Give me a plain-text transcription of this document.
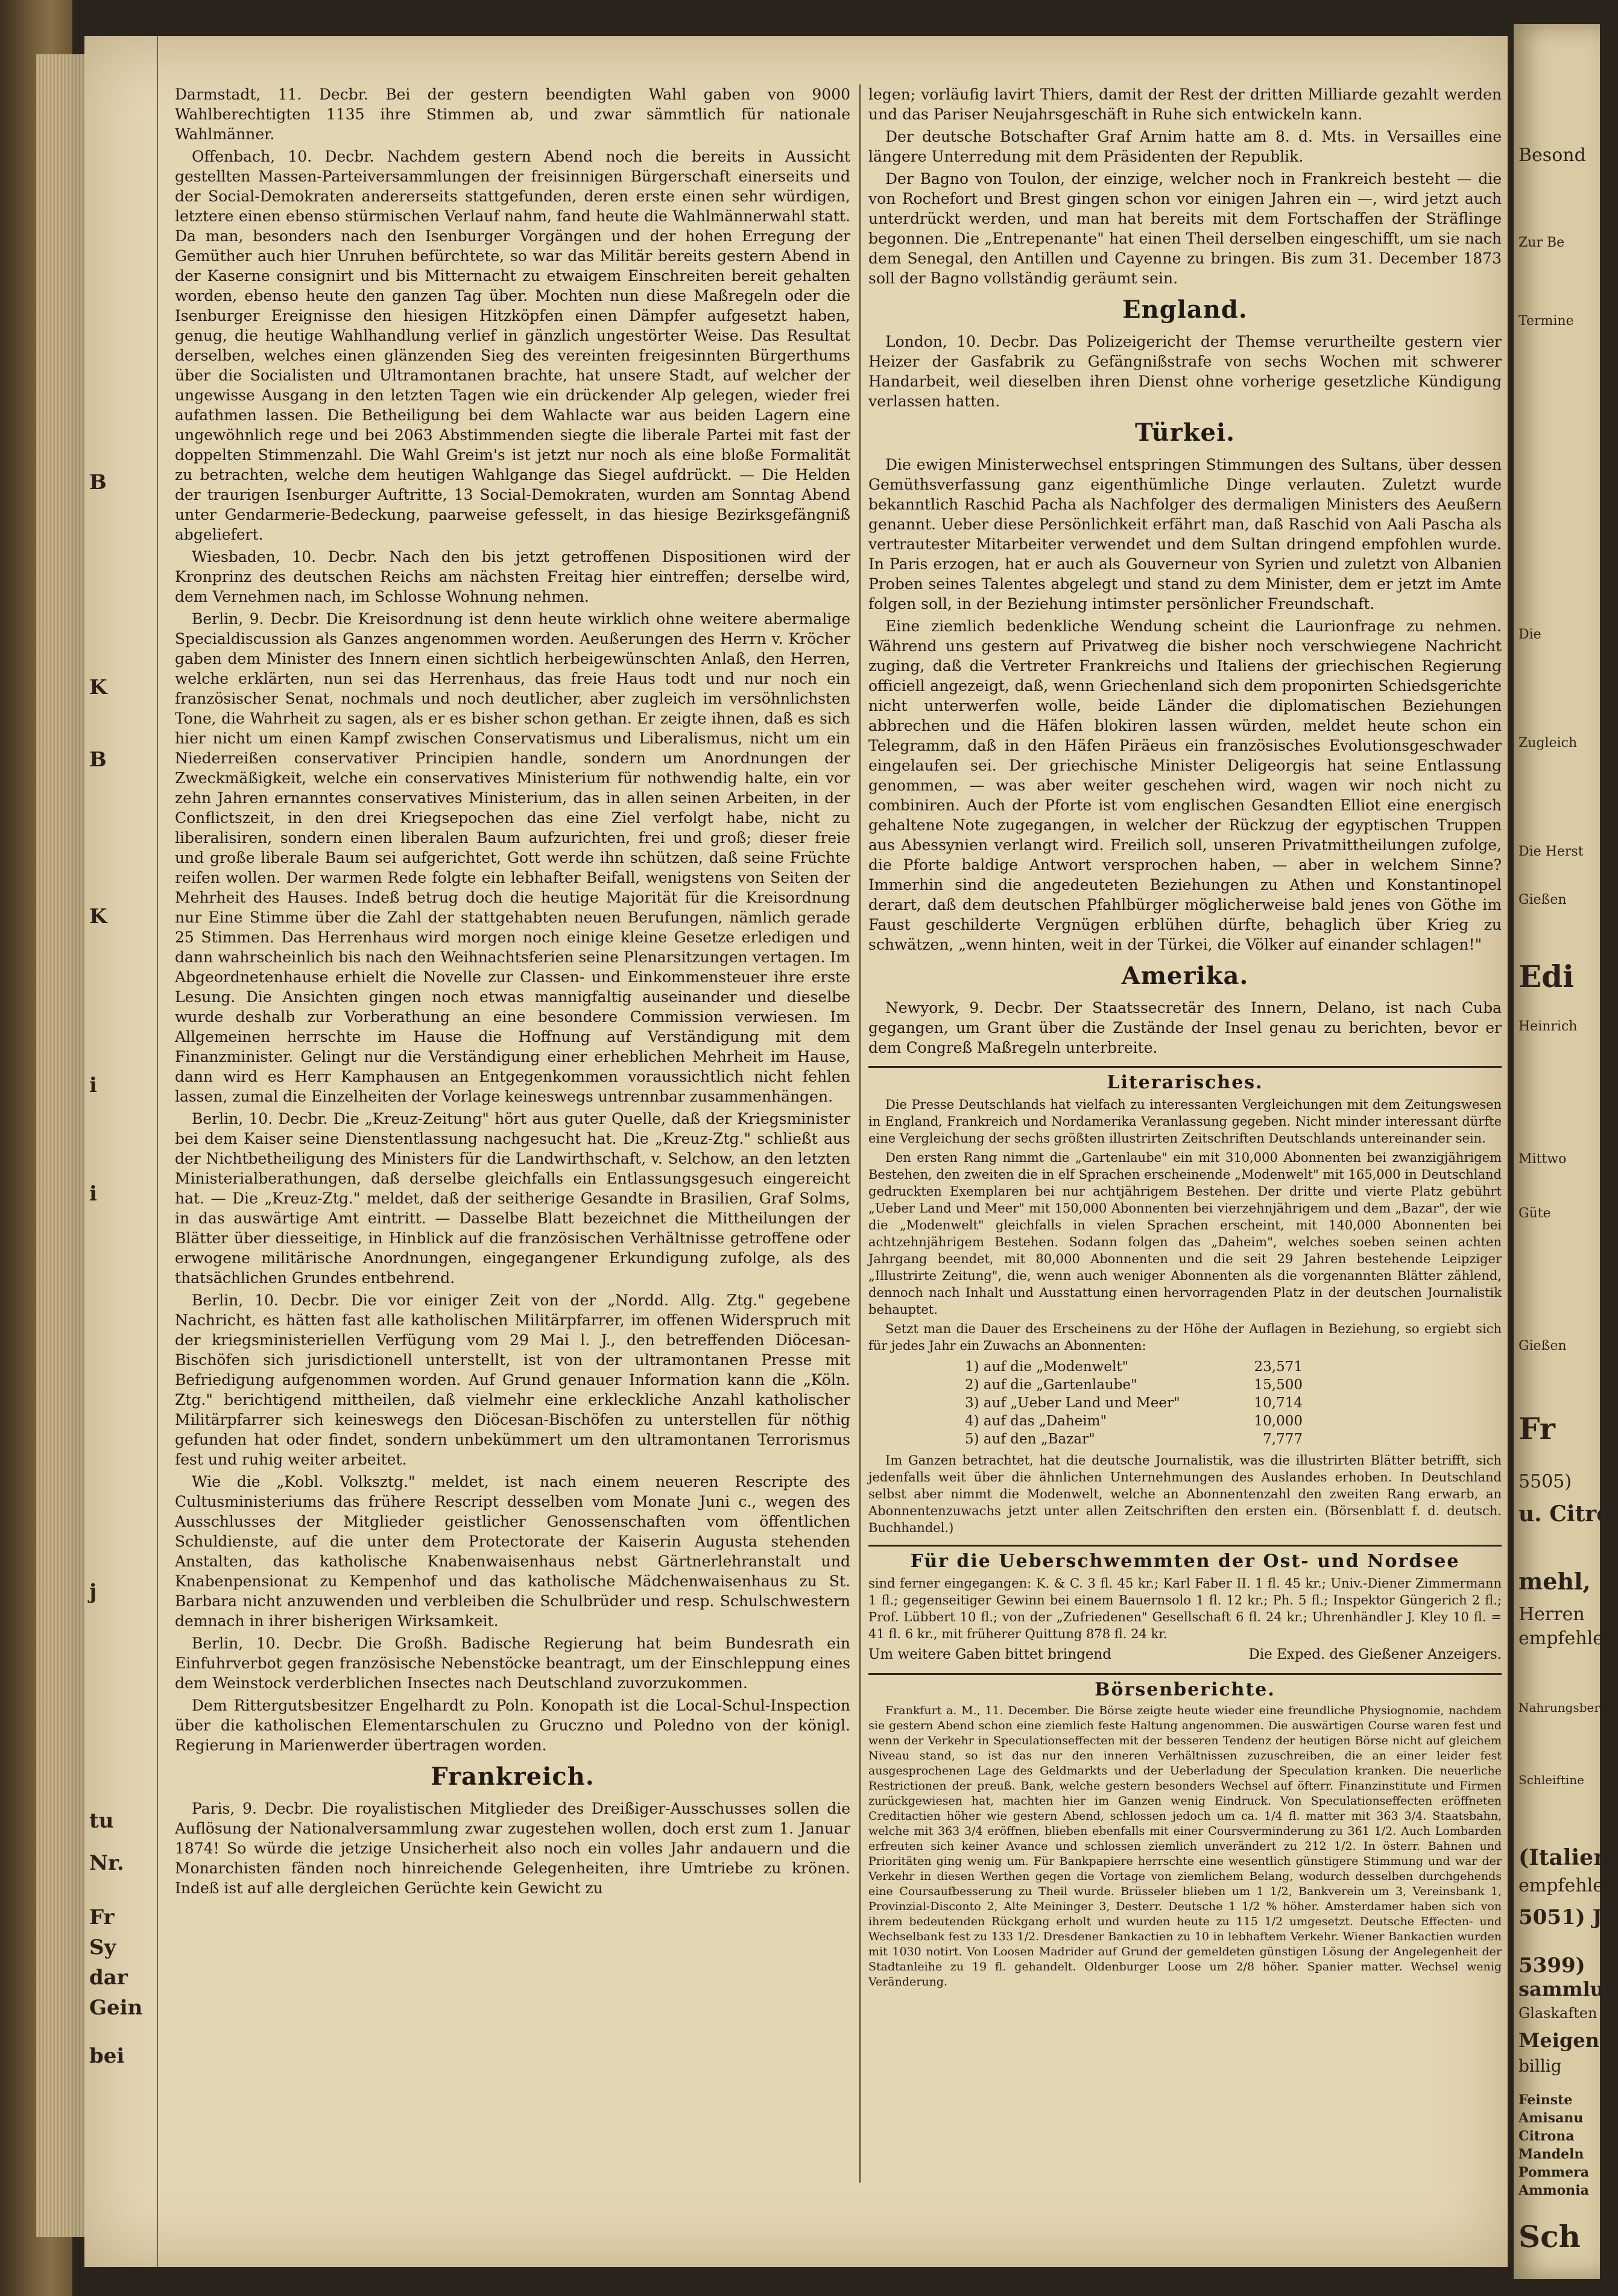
B
K
B
K
i
i
j
tu
Nr.
Fr
Sy
dar
Gein
bei

Darmstadt, 11. Decbr. Bei der gestern beendigten Wahl gaben von 9000 Wahlberechtigten 1135 ihre Stimmen ab, und zwar sämmtlich für nationale Wahlmänner.

Offenbach, 10. Decbr. Nachdem gestern Abend noch die bereits in Aussicht gestellten Massen-Parteiversammlungen der freisinnigen Bürgerschaft einerseits und der Social-Demokraten andererseits stattgefunden, deren erste einen sehr würdigen, letztere einen ebenso stürmischen Verlauf nahm, fand heute die Wahlmännerwahl statt. Da man, besonders nach den Isenburger Vorgängen und der hohen Erregung der Gemüther auch hier Unruhen befürchtete, so war das Militär bereits gestern Abend in der Kaserne consignirt und bis Mitternacht zu etwaigem Einschreiten bereit gehalten worden, ebenso heute den ganzen Tag über. Mochten nun diese Maßregeln oder die Isenburger Ereignisse den hiesigen Hitzköpfen einen Dämpfer aufgesetzt haben, genug, die heutige Wahlhandlung verlief in gänzlich ungestörter Weise. Das Resultat derselben, welches einen glänzenden Sieg des vereinten freigesinnten Bürgerthums über die Socialisten und Ultramontanen brachte, hat unsere Stadt, auf welcher der ungewisse Ausgang in den letzten Tagen wie ein drückender Alp gelegen, wieder frei aufathmen lassen. Die Betheiligung bei dem Wahlacte war aus beiden Lagern eine ungewöhnlich rege und bei 2063 Abstimmenden siegte die liberale Partei mit fast der doppelten Stimmenzahl. Die Wahl Greim's ist jetzt nur noch als eine bloße Formalität zu betrachten, welche dem heutigen Wahlgange das Siegel aufdrückt. — Die Helden der traurigen Isenburger Auftritte, 13 Social-Demokraten, wurden am Sonntag Abend unter Gendarmerie-Bedeckung, paarweise gefesselt, in das hiesige Bezirksgefängniß abgeliefert.

Wiesbaden, 10. Decbr. Nach den bis jetzt getroffenen Dispositionen wird der Kronprinz des deutschen Reichs am nächsten Freitag hier eintreffen; derselbe wird, dem Vernehmen nach, im Schlosse Wohnung nehmen.

Berlin, 9. Decbr. Die Kreisordnung ist denn heute wirklich ohne weitere abermalige Specialdiscussion als Ganzes angenommen worden. Aeußerungen des Herrn v. Kröcher gaben dem Minister des Innern einen sichtlich herbeigewünschten Anlaß, den Herren, welche erklärten, nun sei das Herrenhaus, das freie Haus todt und nur noch ein französischer Senat, nochmals und noch deutlicher, aber zugleich im versöhnlichsten Tone, die Wahrheit zu sagen, als er es bisher schon gethan. Er zeigte ihnen, daß es sich hier nicht um einen Kampf zwischen Conservatismus und Liberalismus, nicht um ein Niederreißen conservativer Principien handle, sondern um Anordnungen der Zweckmäßigkeit, welche ein conservatives Ministerium für nothwendig halte, ein vor zehn Jahren ernanntes conservatives Ministerium, das in allen seinen Arbeiten, in der Conflictszeit, in den drei Kriegsepochen das eine Ziel verfolgt habe, nicht zu liberalisiren, sondern einen liberalen Baum aufzurichten, frei und groß; dieser freie und große liberale Baum sei aufgerichtet, Gott werde ihn schützen, daß seine Früchte reifen wollen. Der warmen Rede folgte ein lebhafter Beifall, wenigstens von Seiten der Mehrheit des Hauses. Indeß betrug doch die heutige Majorität für die Kreisordnung nur Eine Stimme über die Zahl der stattgehabten neuen Berufungen, nämlich gerade 25 Stimmen. Das Herrenhaus wird morgen noch einige kleine Gesetze erledigen und dann wahrscheinlich bis nach den Weihnachtsferien seine Plenarsitzungen vertagen. Im Abgeordnetenhause erhielt die Novelle zur Classen- und Einkommensteuer ihre erste Lesung. Die Ansichten gingen noch etwas mannigfaltig auseinander und dieselbe wurde deshalb zur Vorberathung an eine besondere Commission verwiesen. Im Allgemeinen herrschte im Hause die Hoffnung auf Verständigung mit dem Finanzminister. Gelingt nur die Verständigung einer erheblichen Mehrheit im Hause, dann wird es Herr Kamphausen an Entgegenkommen voraussichtlich nicht fehlen lassen, zumal die Einzelheiten der Vorlage keineswegs untrennbar zusammenhängen.

Berlin, 10. Decbr. Die „Kreuz-Zeitung" hört aus guter Quelle, daß der Kriegsminister bei dem Kaiser seine Dienstentlassung nachgesucht hat. Die „Kreuz-Ztg." schließt aus der Nichtbetheiligung des Ministers für die Landwirthschaft, v. Selchow, an den letzten Ministerialberathungen, daß derselbe gleichfalls ein Entlassungsgesuch eingereicht hat. — Die „Kreuz-Ztg." meldet, daß der seitherige Gesandte in Brasilien, Graf Solms, in das auswärtige Amt eintritt. — Dasselbe Blatt bezeichnet die Mittheilungen der Blätter über diesseitige, in Hinblick auf die französischen Verhältnisse getroffene oder erwogene militärische Anordnungen, eingegangener Erkundigung zufolge, als des thatsächlichen Grundes entbehrend.

Berlin, 10. Decbr. Die vor einiger Zeit von der „Nordd. Allg. Ztg." gegebene Nachricht, es hätten fast alle katholischen Militärpfarrer, im offenen Widerspruch mit der kriegsministeriellen Verfügung vom 29 Mai l. J., den betreffenden Diöcesan-Bischöfen sich jurisdictionell unterstellt, ist von der ultramontanen Presse mit Befriedigung aufgenommen worden. Auf Grund genauer Information kann die „Köln. Ztg." berichtigend mittheilen, daß vielmehr eine erkleckliche Anzahl katholischer Militärpfarrer sich keineswegs den Diöcesan-Bischöfen zu unterstellen für nöthig gefunden hat oder findet, sondern unbekümmert um den ultramontanen Terrorismus fest und ruhig weiter arbeitet.

Wie die „Kobl. Volksztg." meldet, ist nach einem neueren Rescripte des Cultusministeriums das frühere Rescript desselben vom Monate Juni c., wegen des Ausschlusses der Mitglieder geistlicher Genossenschaften vom öffentlichen Schuldienste, auf die unter dem Protectorate der Kaiserin Augusta stehenden Anstalten, das katholische Knabenwaisenhaus nebst Gärtnerlehranstalt und Knabenpensionat zu Kempenhof und das katholische Mädchenwaisenhaus zu St. Barbara nicht anzuwenden und verbleiben die Schulbrüder und resp. Schulschwestern demnach in ihrer bisherigen Wirksamkeit.

Berlin, 10. Decbr. Die Großh. Badische Regierung hat beim Bundesrath ein Einfuhrverbot gegen französische Nebenstöcke beantragt, um der Einschleppung eines dem Weinstock verderblichen Insectes nach Deutschland zuvorzukommen.

Dem Rittergutsbesitzer Engelhardt zu Poln. Konopath ist die Local-Schul-Inspection über die katholischen Elementarschulen zu Gruczno und Poledno von der königl. Regierung in Marienwerder übertragen worden.

Frankreich.

Paris, 9. Decbr. Die royalistischen Mitglieder des Dreißiger-Ausschusses sollen die Auflösung der Nationalversammlung zwar zugestehen wollen, doch erst zum 1. Januar 1874! So würde die jetzige Unsicherheit also noch ein volles Jahr andauern und die Monarchisten fänden noch hinreichende Gelegenheiten, ihre Umtriebe zu krönen. Indeß ist auf alle dergleichen Gerüchte kein Gewicht zu

legen; vorläufig lavirt Thiers, damit der Rest der dritten Milliarde gezahlt werden und das Pariser Neujahrsgeschäft in Ruhe sich entwickeln kann.

Der deutsche Botschafter Graf Arnim hatte am 8. d. Mts. in Versailles eine längere Unterredung mit dem Präsidenten der Republik.

Der Bagno von Toulon, der einzige, welcher noch in Frankreich besteht — die von Rochefort und Brest gingen schon vor einigen Jahren ein —, wird jetzt auch unterdrückt werden, und man hat bereits mit dem Fortschaffen der Sträflinge begonnen. Die „Entrepenante" hat einen Theil derselben eingeschifft, um sie nach dem Senegal, den Antillen und Cayenne zu bringen. Bis zum 31. December 1873 soll der Bagno vollständig geräumt sein.

England.

London, 10. Decbr. Das Polizeigericht der Themse verurtheilte gestern vier Heizer der Gasfabrik zu Gefängnißstrafe von sechs Wochen mit schwerer Handarbeit, weil dieselben ihren Dienst ohne vorherige gesetzliche Kündigung verlassen hatten.

Türkei.

Die ewigen Ministerwechsel entspringen Stimmungen des Sultans, über dessen Gemüthsverfassung ganz eigenthümliche Dinge verlauten. Zuletzt wurde bekanntlich Raschid Pacha als Nachfolger des dermaligen Ministers des Aeußern genannt. Ueber diese Persönlichkeit erfährt man, daß Raschid von Aali Pascha als vertrautester Mitarbeiter verwendet und dem Sultan dringend empfohlen wurde. In Paris erzogen, hat er auch als Gouverneur von Syrien und zuletzt von Albanien Proben seines Talentes abgelegt und stand zu dem Minister, dem er jetzt im Amte folgen soll, in der Beziehung intimster persönlicher Freundschaft.

Eine ziemlich bedenkliche Wendung scheint die Laurionfrage zu nehmen. Während uns gestern auf Privatweg die bisher noch verschwiegene Nachricht zuging, daß die Vertreter Frankreichs und Italiens der griechischen Regierung officiell angezeigt, daß, wenn Griechenland sich dem proponirten Schiedsgerichte nicht unterwerfen wolle, beide Länder die diplomatischen Beziehungen abbrechen und die Häfen blokiren lassen würden, meldet heute schon ein Telegramm, daß in den Häfen Piräeus ein französisches Evolutionsgeschwader eingelaufen sei. Der griechische Minister Deligeorgis hat seine Entlassung genommen, — was aber weiter geschehen wird, wagen wir noch nicht zu combiniren. Auch der Pforte ist vom englischen Gesandten Elliot eine energisch gehaltene Note zugegangen, in welcher der Rückzug der egyptischen Truppen aus Abessynien verlangt wird. Freilich soll, unseren Privatmittheilungen zufolge, die Pforte baldige Antwort versprochen haben, — aber in welchem Sinne? Immerhin sind die angedeuteten Beziehungen zu Athen und Konstantinopel derart, daß dem deutschen Pfahlbürger möglicherweise bald jenes von Göthe im Faust geschilderte Vergnügen erblühen dürfte, behaglich über Krieg zu schwätzen, „wenn hinten, weit in der Türkei, die Völker auf einander schlagen!"

Amerika.

Newyork, 9. Decbr. Der Staatssecretär des Innern, Delano, ist nach Cuba gegangen, um Grant über die Zustände der Insel genau zu berichten, bevor er dem Congreß Maßregeln unterbreite.

Literarisches.

Die Presse Deutschlands hat vielfach zu interessanten Vergleichungen mit dem Zeitungswesen in England, Frankreich und Nordamerika Veranlassung gegeben. Nicht minder interessant dürfte eine Vergleichung der sechs größten illustrirten Zeitschriften Deutschlands untereinander sein.

Den ersten Rang nimmt die „Gartenlaube" ein mit 310,000 Abonnenten bei zwanzigjährigem Bestehen, den zweiten die in elf Sprachen erscheinende „Modenwelt" mit 165,000 in Deutschland gedruckten Exemplaren bei nur achtjährigem Bestehen. Der dritte und vierte Platz gebührt „Ueber Land und Meer" mit 150,000 Abonnenten bei vierzehnjährigem und dem „Bazar", der wie die „Modenwelt" gleichfalls in vielen Sprachen erscheint, mit 140,000 Abonnenten bei achtzehnjährigem Bestehen. Sodann folgen das „Daheim", welches soeben seinen achten Jahrgang beendet, mit 80,000 Abonnenten und die seit 29 Jahren bestehende Leipziger „Illustrirte Zeitung", die, wenn auch weniger Abonnenten als die vorgenannten Blätter zählend, dennoch nach Inhalt und Ausstattung einen hervorragenden Platz in der deutschen Journalistik behauptet.

Setzt man die Dauer des Erscheinens zu der Höhe der Auflagen in Beziehung, so ergiebt sich für jedes Jahr ein Zuwachs an Abonnenten:

1) auf die „Modenwelt"	23,571
2) auf die „Gartenlaube"	15,500
3) auf „Ueber Land und Meer"	10,714
4) auf das „Daheim"	10,000
5) auf den „Bazar"	7,777

Im Ganzen betrachtet, hat die deutsche Journalistik, was die illustrirten Blätter betrifft, sich jedenfalls weit über die ähnlichen Unternehmungen des Auslandes erhoben. In Deutschland selbst aber nimmt die Modenwelt, welche an Abonnentenzahl den zweiten Rang erwarb, an Abonnentenzuwachs jetzt unter allen Zeitschriften den ersten ein. (Börsenblatt f. d. deutsch. Buchhandel.)

Für die Ueberschwemmten der Ost- und Nordsee

sind ferner eingegangen: K. & C. 3 fl. 45 kr.; Karl Faber II. 1 fl. 45 kr.; Univ.-Diener Zimmermann 1 fl.; gegenseitiger Gewinn bei einem Bauernsolo 1 fl. 12 kr.; Ph. 5 fl.; Inspektor Güngerich 2 fl.; Prof. Lübbert 10 fl.; von der „Zufriedenen" Gesellschaft 6 fl. 24 kr.; Uhrenhändler J. Kley 10 fl. = 41 fl. 6 kr., mit früherer Quittung 878 fl. 24 kr.

Um weitere Gaben bittet bringend	Die Exped. des Gießener Anzeigers.
Börsenberichte.

Frankfurt a. M., 11. December. Die Börse zeigte heute wieder eine freundliche Physiognomie, nachdem sie gestern Abend schon eine ziemlich feste Haltung angenommen. Die auswärtigen Course waren fest und wenn der Verkehr in Speculationseffecten mit der besseren Tendenz der heutigen Börse nicht auf gleichem Niveau stand, so ist das nur den inneren Verhältnissen zuzuschreiben, die an einer leider fest ausgesprochenen Lage des Geldmarkts und der Ueberladung der Speculation kranken. Die neuerliche Restrictionen der preuß. Bank, welche gestern besonders Wechsel auf öfterr. Finanzinstitute und Firmen zurückgewiesen hat, machten hier im Ganzen wenig Eindruck. Von Speculationseffecten eröffneten Creditactien höher wie gestern Abend, schlossen jedoch um ca. 1/4 fl. matter mit 363 3/4. Staatsbahn, welche mit 363 3/4 eröffnen, blieben ebenfalls mit einer Coursverminderung zu 361 1/2. Auch Lombarden erfreuten sich keiner Avance und schlossen ziemlich unverändert zu 212 1/2. In österr. Bahnen und Prioritäten ging wenig um. Für Bankpapiere herrschte eine wesentlich günstigere Stimmung und war der Verkehr in diesen Werthen gegen die Vortage von ziemlichem Belang, wodurch desselben durchgehends eine Coursaufbesserung zu Theil wurde. Brüsseler blieben um 1 1/2, Bankverein um 3, Vereinsbank 1, Provinzial-Disconto 2, Alte Meininger 3, Desterr. Deutsche 1 1/2 % höher. Amsterdamer haben sich von ihrem bedeutenden Rückgang erholt und wurden heute zu 115 1/2 umgesetzt. Deutsche Effecten- und Wechselbank fest zu 133 1/2. Dresdener Bankactien zu 10 in lebhaftem Verkehr. Wiener Bankactien wurden mit 1030 notirt. Von Loosen Madrider auf Grund der gemeldeten günstigen Lösung der Angelegenheit der Stadtanleihe zu 19 fl. gehandelt. Oldenburger Loose um 2/8 höher. Spanier matter. Wechsel wenig Veränderung.

Besond
Zur Be
Termine
Die
Zugleich
Die Herst
Gießen
Edi
Heinrich
Mittwo
Güte
Gießen
Fr
5505)
u. Citro
mehl,
Herren
empfehlen
Nahrungsberg
Schleiftine
(Italien
empfehlen
5051) J.
5399)
sammlun
Glaskaften
Meigen
billig
Feinste
Amisanu
Citrona
Mandeln
Pommera
Ammonia
Sch
